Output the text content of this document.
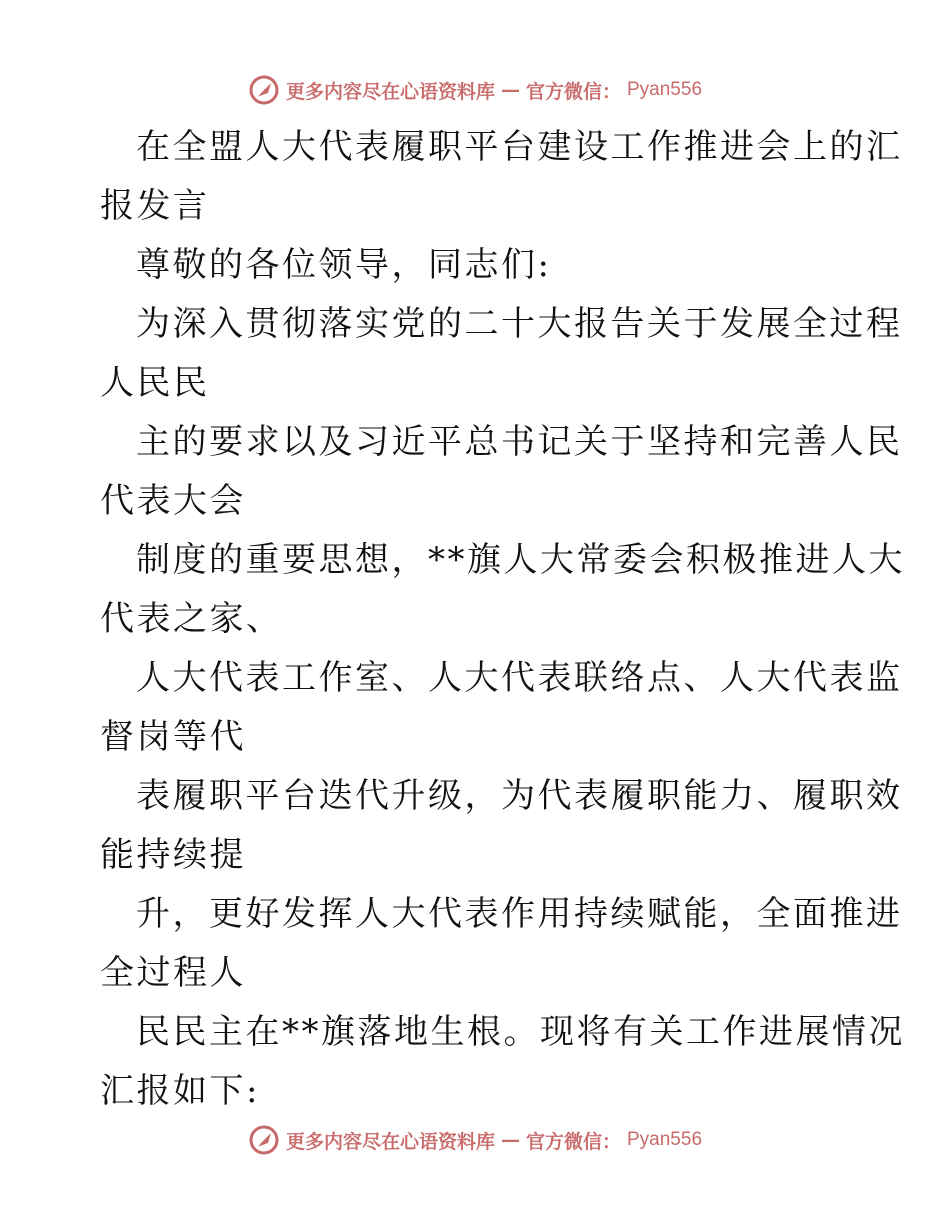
更多内容尽在心语资料库 — 官方微信： Pyan556
在全盟人大代表履职平台建设工作推进会上的汇
报发言
尊敬的各位领导，同志们:
为深入贯彻落实党的二十大报告关于发展全过程
人民民
主的要求以及习近平总书记关于坚持和完善人民
代表大会
制度的重要思想，**旗人大常委会积极推进人大
代表之家、
人大代表工作室、人大代表联络点、人大代表监
督岗等代
表履职平台迭代升级，为代表履职能力、履职效
能持续提
升，更好发挥人大代表作用持续赋能，全面推进
全过程人
民民主在**旗落地生根。现将有关工作进展情况
汇报如下:
更多内容尽在心语资料库 — 官方微信： Pyan556
